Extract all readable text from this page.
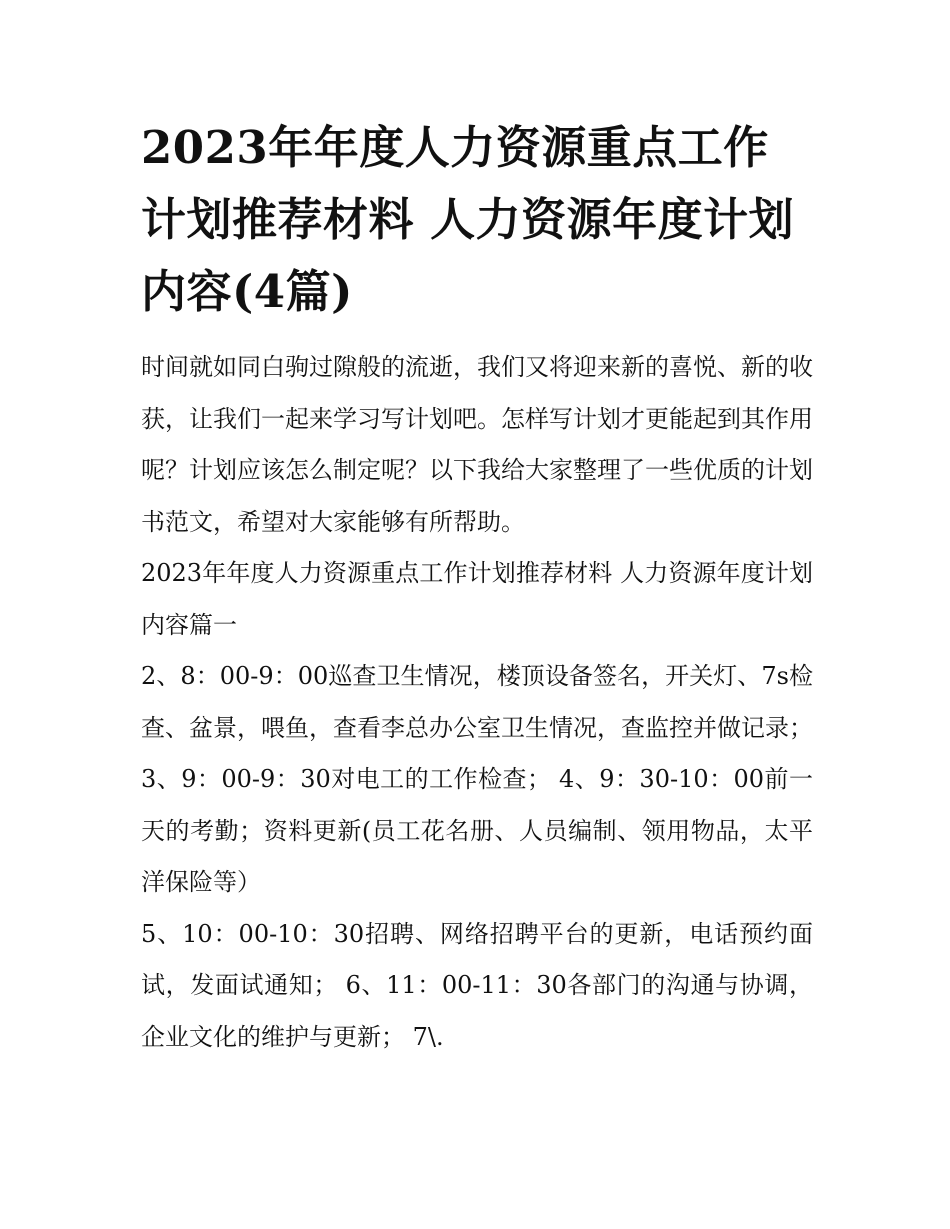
2023年年度人力资源重点工作计划推荐材料 人力资源年度计划内容(4篇)

时间就如同白驹过隙般的流逝，我们又将迎来新的喜悦、新的收获，让我们一起来学习写计划吧。怎样写计划才更能起到其作用呢？计划应该怎么制定呢？以下我给大家整理了一些优质的计划书范文，希望对大家能够有所帮助。

2023年年度人力资源重点工作计划推荐材料 人力资源年度计划内容篇一

2、8：00-9：00巡查卫生情况，楼顶设备签名，开关灯、7s检查、盆景，喂鱼，查看李总办公室卫生情况，查监控并做记录；

3、9：00-9：30对电工的工作检查； 4、9：30-10：00前一天的考勤；资料更新(员工花名册、人员编制、领用物品，太平洋保险等）

5、10：00-10：30招聘、网络招聘平台的更新，电话预约面试，发面试通知； 6、11：00-11：30各部门的沟通与协调，企业文化的维护与更新； 7\.
